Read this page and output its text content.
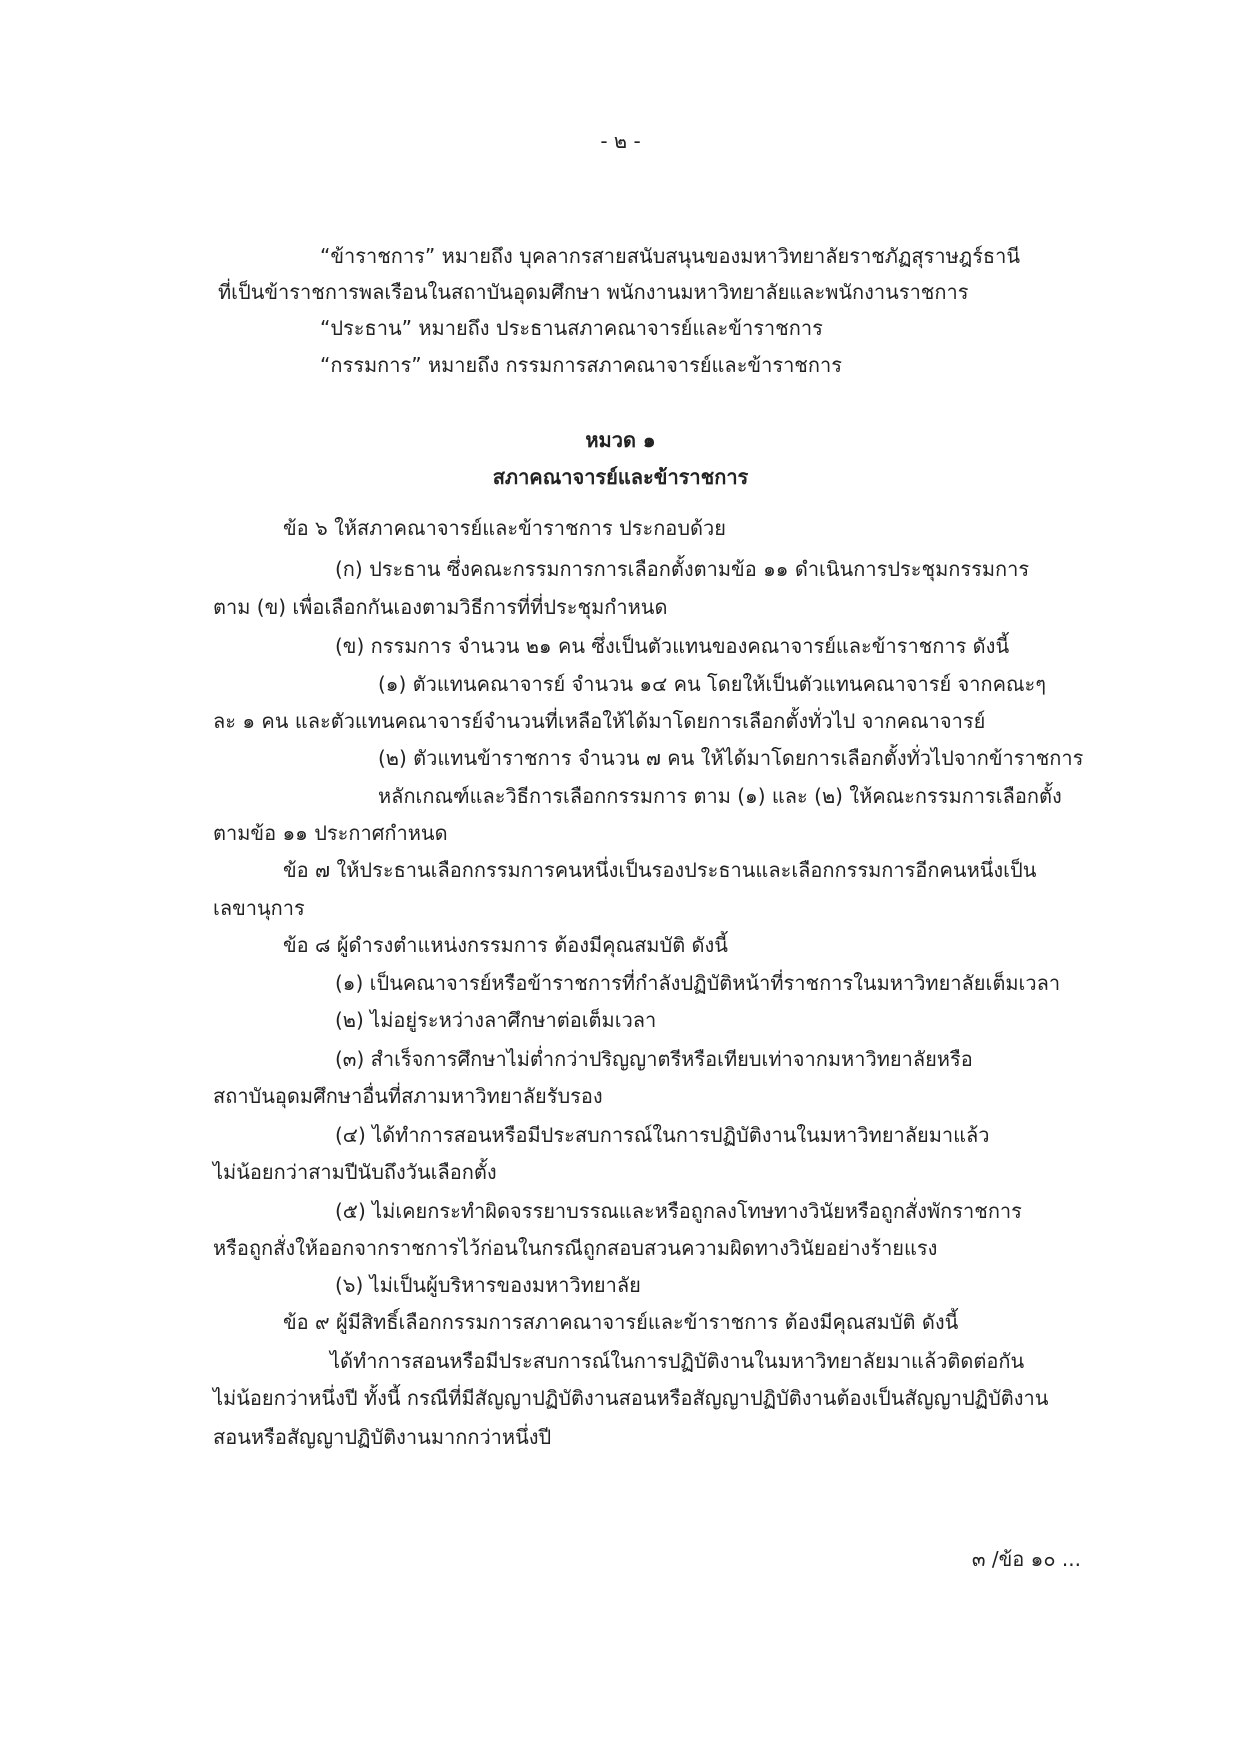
- ๒ -
“ข้าราชการ” หมายถึง บุคลากรสายสนับสนุนของมหาวิทยาลัยราชภัฏสุราษฎร์ธานี
ที่เป็นข้าราชการพลเรือนในสถาบันอุดมศึกษา พนักงานมหาวิทยาลัยและพนักงานราชการ
“ประธาน” หมายถึง ประธานสภาคณาจารย์และข้าราชการ
“กรรมการ” หมายถึง กรรมการสภาคณาจารย์และข้าราชการ
หมวด ๑
สภาคณาจารย์และข้าราชการ
ข้อ ๖ ให้สภาคณาจารย์และข้าราชการ ประกอบด้วย
(ก) ประธาน ซึ่งคณะกรรมการการเลือกตั้งตามข้อ ๑๑ ดำเนินการประชุมกรรมการ
ตาม (ข) เพื่อเลือกกันเองตามวิธีการที่ที่ประชุมกำหนด
(ข) กรรมการ จำนวน ๒๑ คน ซึ่งเป็นตัวแทนของคณาจารย์และข้าราชการ ดังนี้
(๑) ตัวแทนคณาจารย์ จำนวน ๑๔ คน โดยให้เป็นตัวแทนคณาจารย์ จากคณะๆ
ละ ๑ คน และตัวแทนคณาจารย์จำนวนที่เหลือให้ได้มาโดยการเลือกตั้งทั่วไป จากคณาจารย์
(๒) ตัวแทนข้าราชการ จำนวน ๗ คน ให้ได้มาโดยการเลือกตั้งทั่วไปจากข้าราชการ
หลักเกณฑ์และวิธีการเลือกกรรมการ ตาม (๑) และ (๒) ให้คณะกรรมการเลือกตั้ง
ตามข้อ ๑๑ ประกาศกำหนด
ข้อ ๗ ให้ประธานเลือกกรรมการคนหนึ่งเป็นรองประธานและเลือกกรรมการอีกคนหนึ่งเป็น
เลขานุการ
ข้อ ๘ ผู้ดำรงตำแหน่งกรรมการ ต้องมีคุณสมบัติ ดังนี้
(๑) เป็นคณาจารย์หรือข้าราชการที่กำลังปฏิบัติหน้าที่ราชการในมหาวิทยาลัยเต็มเวลา
(๒) ไม่อยู่ระหว่างลาศึกษาต่อเต็มเวลา
(๓) สำเร็จการศึกษาไม่ต่ำกว่าปริญญาตรีหรือเทียบเท่าจากมหาวิทยาลัยหรือ
สถาบันอุดมศึกษาอื่นที่สภามหาวิทยาลัยรับรอง
(๔) ได้ทำการสอนหรือมีประสบการณ์ในการปฏิบัติงานในมหาวิทยาลัยมาแล้ว
ไม่น้อยกว่าสามปีนับถึงวันเลือกตั้ง
(๕) ไม่เคยกระทำผิดจรรยาบรรณและหรือถูกลงโทษทางวินัยหรือถูกสั่งพักราชการ
หรือถูกสั่งให้ออกจากราชการไว้ก่อนในกรณีถูกสอบสวนความผิดทางวินัยอย่างร้ายแรง
(๖) ไม่เป็นผู้บริหารของมหาวิทยาลัย
ข้อ ๙ ผู้มีสิทธิ์เลือกกรรมการสภาคณาจารย์และข้าราชการ ต้องมีคุณสมบัติ ดังนี้
ได้ทำการสอนหรือมีประสบการณ์ในการปฏิบัติงานในมหาวิทยาลัยมาแล้วติดต่อกัน
ไม่น้อยกว่าหนึ่งปี ทั้งนี้ กรณีที่มีสัญญาปฏิบัติงานสอนหรือสัญญาปฏิบัติงานต้องเป็นสัญญาปฏิบัติงาน
สอนหรือสัญญาปฏิบัติงานมากกว่าหนึ่งปี
๓ /ข้อ ๑๐ ...
